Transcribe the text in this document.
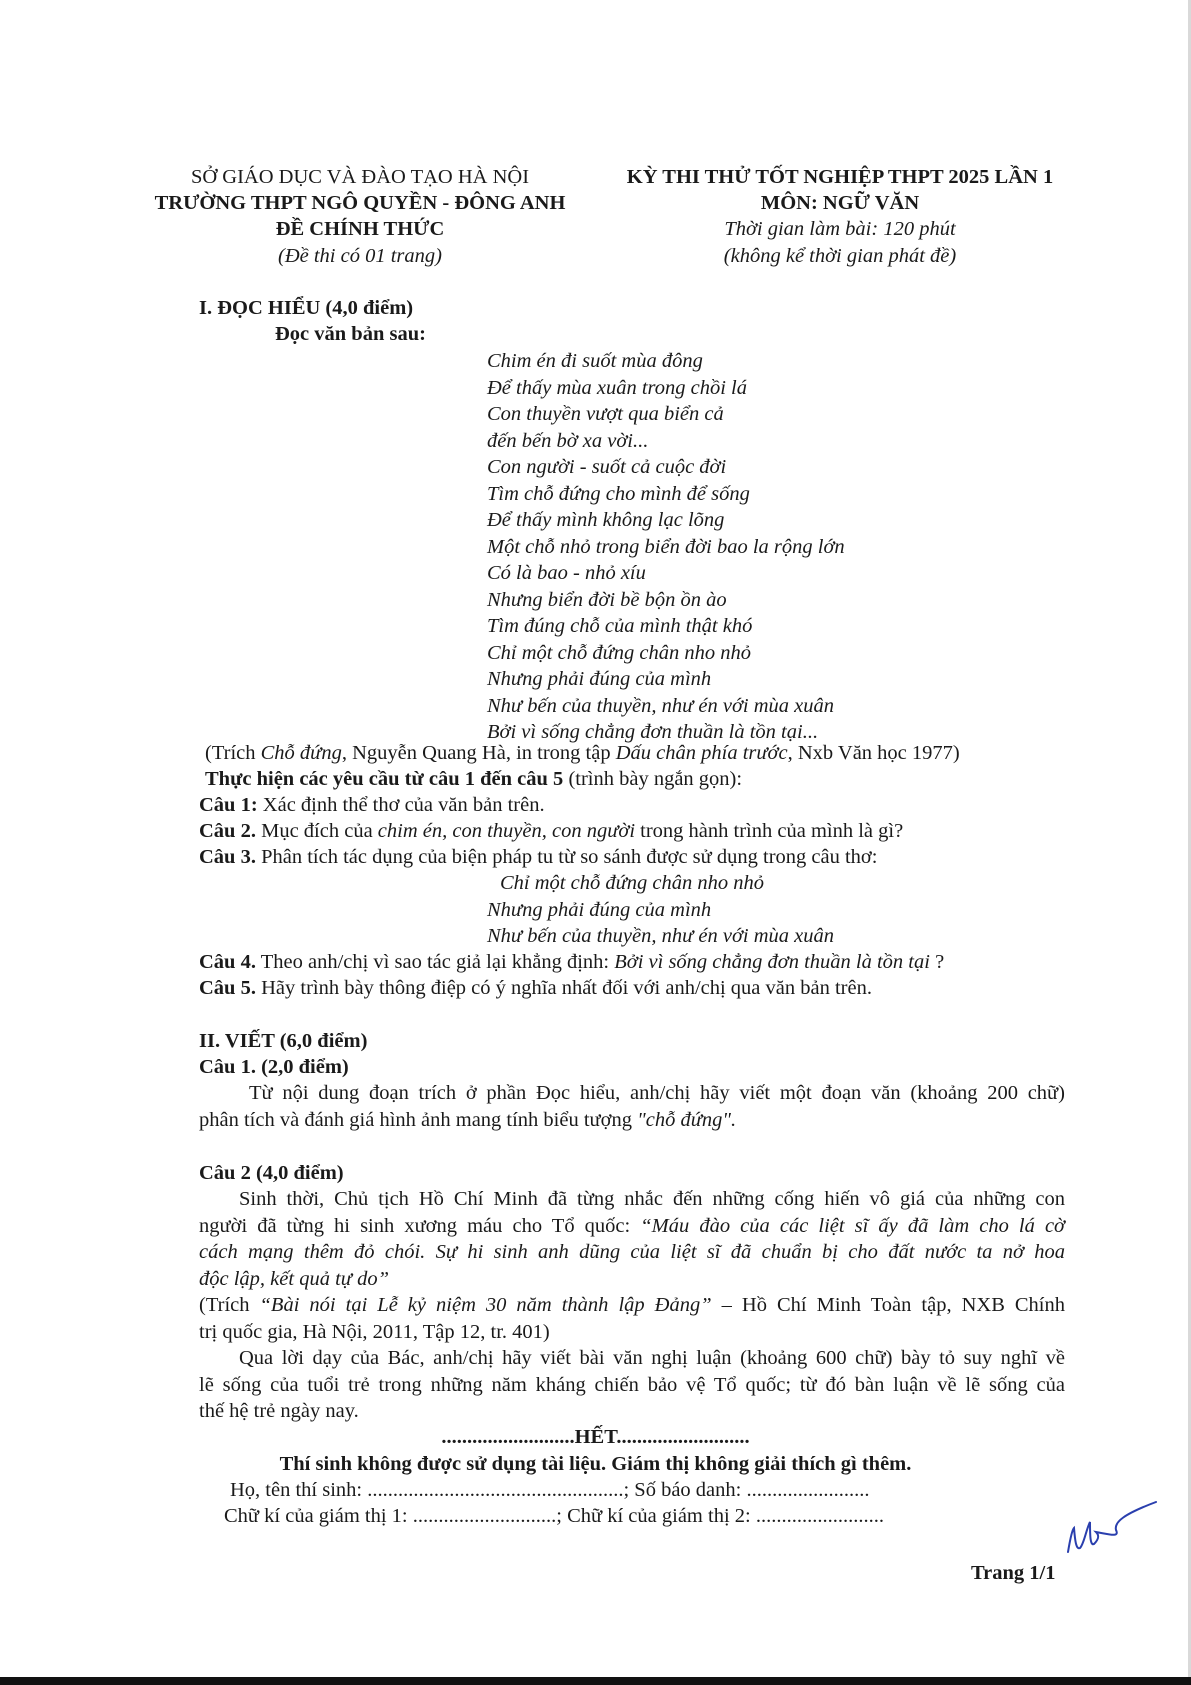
SỞ GIÁO DỤC VÀ ĐÀO TẠO HÀ NỘI
TRƯỜNG THPT NGÔ QUYỀN - ĐÔNG ANH
ĐỀ CHÍNH THỨC
(Đề thi có 01 trang)
KỲ THI THỬ TỐT NGHIỆP THPT 2025 LẦN 1
MÔN: NGỮ VĂN
Thời gian làm bài: 120 phút
(không kể thời gian phát đề)
I. ĐỌC HIỂU (4,0 điểm)
Đọc văn bản sau:
Chim én đi suốt mùa đông
Để thấy mùa xuân trong chồi lá
Con thuyền vượt qua biển cả
đến bến bờ xa vời...
Con người - suốt cả cuộc đời
Tìm chỗ đứng cho mình để sống
Để thấy mình không lạc lõng
Một chỗ nhỏ trong biển đời bao la rộng lớn
Có là bao - nhỏ xíu
Nhưng biển đời bề bộn ồn ào
Tìm đúng chỗ của mình thật khó
Chỉ một chỗ đứng chân nho nhỏ
Nhưng phải đúng của mình
Như bến của thuyền, như én với mùa xuân
Bởi vì sống chẳng đơn thuần là tồn tại...
(Trích Chỗ đứng, Nguyễn Quang Hà, in trong tập Dấu chân phía trước, Nxb Văn học 1977)
Thực hiện các yêu cầu từ câu 1 đến câu 5 (trình bày ngắn gọn):
Câu 1: Xác định thể thơ của văn bản trên.
Câu 2. Mục đích của chim én, con thuyền, con người trong hành trình của mình là gì?
Câu 3. Phân tích tác dụng của biện pháp tu từ so sánh được sử dụng trong câu thơ:
Chỉ một chỗ đứng chân nho nhỏ
Nhưng phải đúng của mình
Như bến của thuyền, như én với mùa xuân
Câu 4. Theo anh/chị vì sao tác giả lại khẳng định: Bởi vì sống chẳng đơn thuần là tồn tại ?
Câu 5. Hãy trình bày thông điệp có ý nghĩa nhất đối với anh/chị qua văn bản trên.
II. VIẾT (6,0 điểm)
Câu 1. (2,0 điểm)
Từ nội dung đoạn trích ở phần Đọc hiểu, anh/chị hãy viết một đoạn văn (khoảng 200 chữ)
phân tích và đánh giá hình ảnh mang tính biểu tượng "chỗ đứng".
Câu 2 (4,0 điểm)
Sinh thời, Chủ tịch Hồ Chí Minh đã từng nhắc đến những cống hiến vô giá của những con
người đã từng hi sinh xương máu cho Tổ quốc: “Máu đào của các liệt sĩ ấy đã làm cho lá cờ
cách mạng thêm đỏ chói. Sự hi sinh anh dũng của liệt sĩ đã chuẩn bị cho đất nước ta nở hoa
độc lập, kết quả tự do”
(Trích “Bài nói tại Lễ kỷ niệm 30 năm thành lập Đảng” – Hồ Chí Minh Toàn tập, NXB Chính
trị quốc gia, Hà Nội, 2011, Tập 12, tr. 401)
Qua lời dạy của Bác, anh/chị hãy viết bài văn nghị luận (khoảng 600 chữ) bày tỏ suy nghĩ về
lẽ sống của tuổi trẻ trong những năm kháng chiến bảo vệ Tổ quốc; từ đó bàn luận về lẽ sống của
thế hệ trẻ ngày nay.
..........................HẾT..........................
Thí sinh không được sử dụng tài liệu. Giám thị không giải thích gì thêm.
Họ, tên thí sinh: ..................................................; Số báo danh: ........................
Chữ kí của giám thị 1: ............................; Chữ kí của giám thị 2: .........................
Trang 1/1
